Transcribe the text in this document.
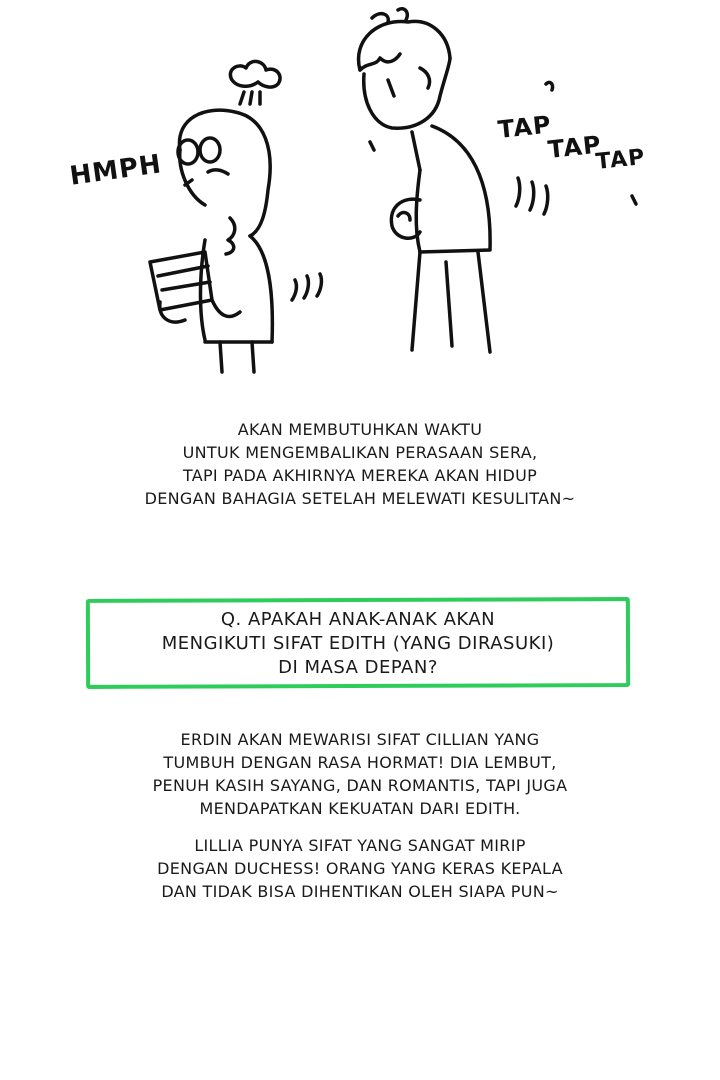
HMPH
TAP
TAP
TAP
AKAN MEMBUTUHKAN WAKTU
UNTUK MENGEMBALIKAN PERASAAN SERA,
TAPI PADA AKHIRNYA MEREKA AKAN HIDUP
DENGAN BAHAGIA SETELAH MELEWATI KESULITAN~
Q. APAKAH ANAK-ANAK AKAN
MENGIKUTI SIFAT EDITH (YANG DIRASUKI)
DI MASA DEPAN?
ERDIN AKAN MEWARISI SIFAT CILLIAN YANG
TUMBUH DENGAN RASA HORMAT! DIA LEMBUT,
PENUH KASIH SAYANG, DAN ROMANTIS, TAPI JUGA
MENDAPATKAN KEKUATAN DARI EDITH.
LILLIA PUNYA SIFAT YANG SANGAT MIRIP
DENGAN DUCHESS! ORANG YANG KERAS KEPALA
DAN TIDAK BISA DIHENTIKAN OLEH SIAPA PUN~
